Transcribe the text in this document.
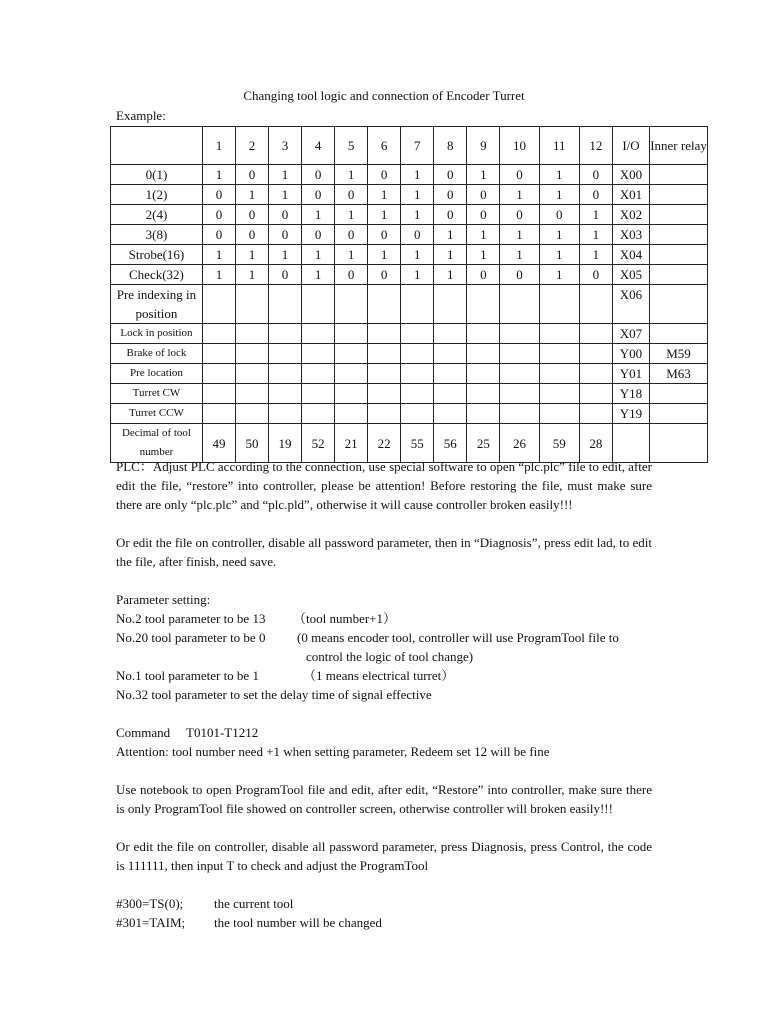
Changing tool logic and connection of Encoder Turret
Example:
	1	2	3	4	5	6	7	8	9	10	11	12	I/O	Inner relay
0(1)	1	0	1	0	1	0	1	0	1	0	1	0	X00	
1(2)	0	1	1	0	0	1	1	0	0	1	1	0	X01	
2(4)	0	0	0	1	1	1	1	0	0	0	0	1	X02	
3(8)	0	0	0	0	0	0	0	1	1	1	1	1	X03	
Strobe(16)	1	1	1	1	1	1	1	1	1	1	1	1	X04	
Check(32)	1	1	0	1	0	0	1	1	0	0	1	0	X05	
Pre indexing in position													X06	
Lock in position													X07	
Brake of lock													Y00	M59
Pre location													Y01	M63
Turret CW													Y18	
Turret CCW													Y19	
Decimal of tool number	49	50	19	52	21	22	55	56	25	26	59	28		
PLC：Adjust PLC according to the connection, use special software to open “plc.plc” file to edit, after edit the file, “restore” into controller, please be attention! Before restoring the file, must make sure there are only “plc.plc” and “plc.pld”, otherwise it will cause controller broken easily!!!
Or edit the file on controller, disable all password parameter, then in “Diagnosis”, press edit lad, to edit the file, after finish, need save.
Parameter setting:
No.2 tool parameter to be 13 （tool number+1）
No.20 tool parameter to be 0 (0 means encoder tool, controller will use ProgramTool file to
control the logic of tool change)
No.1 tool parameter to be 1	（1 means electrical turret）
No.32 tool parameter to set the delay time of signal effective
Command T0101-T1212
Attention: tool number need +1 when setting parameter, Redeem set 12 will be fine
Use notebook to open ProgramTool file and edit, after edit, “Restore” into controller, make sure there is only ProgramTool file showed on controller screen, otherwise controller will broken easily!!!
Or edit the file on controller, disable all password parameter, press Diagnosis, press Control, the code is 111111, then input T to check and adjust the ProgramTool
#300=TS(0); the current tool
#301=TAIM; the tool number will be changed
